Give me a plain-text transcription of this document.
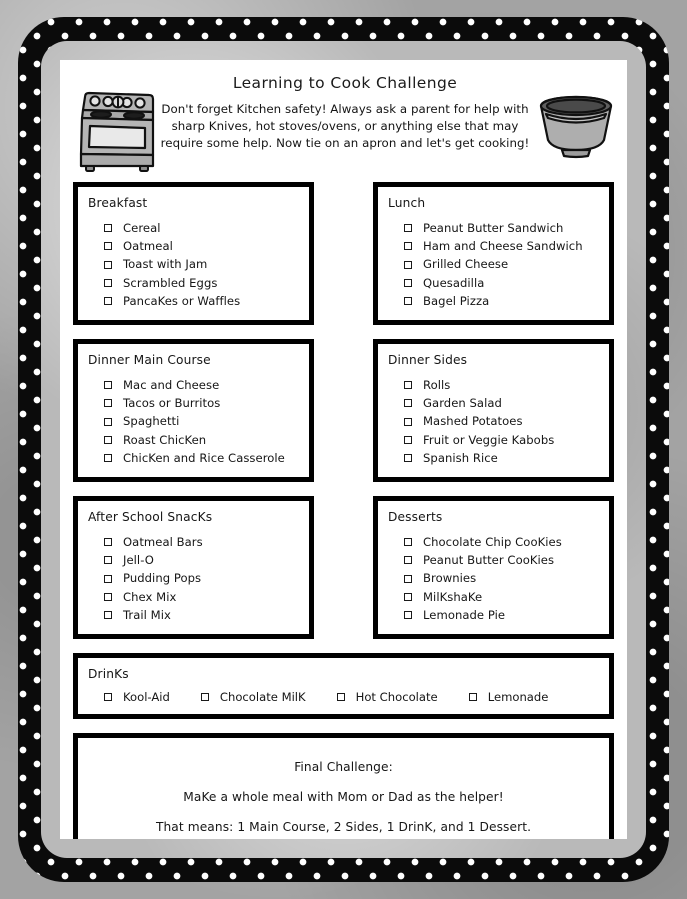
Learning to Cook Challenge
Don't forget Kitchen safety! Always ask a parent for help with sharp Knives, hot stoves/ovens, or anything else that may require some help. Now tie on an apron and let's get cooking!
Breakfast
Cereal
Oatmeal
Toast with Jam
Scrambled Eggs
PancaKes or Waffles
Lunch
Peanut Butter Sandwich
Ham and Cheese Sandwich
Grilled Cheese
Quesadilla
Bagel Pizza
Dinner Main Course
Mac and Cheese
Tacos or Burritos
Spaghetti
Roast ChicKen
ChicKen and Rice Casserole
Dinner Sides
Rolls
Garden Salad
Mashed Potatoes
Fruit or Veggie Kabobs
Spanish Rice
After School SnacKs
Oatmeal Bars
Jell-O
Pudding Pops
Chex Mix
Trail Mix
Desserts
Chocolate Chip CooKies
Peanut Butter CooKies
Brownies
MilKshaKe
Lemonade Pie
DrinKs
Kool-Aid	Chocolate MilK	Hot Chocolate	Lemonade
Final Challenge:
MaKe a whole meal with Mom or Dad as the helper!
That means: 1 Main Course, 2 Sides, 1 DrinK, and 1 Dessert.
